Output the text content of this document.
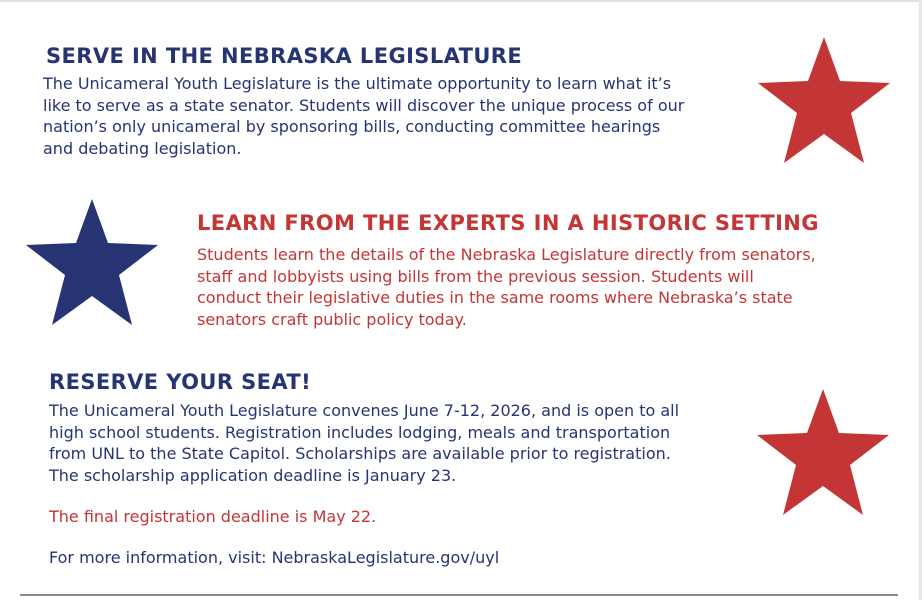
SERVE IN THE NEBRASKA LEGISLATURE

The Unicameral Youth Legislature is the ultimate opportunity to learn what it’s
like to serve as a state senator. Students will discover the unique process of our
nation’s only unicameral by sponsoring bills, conducting committee hearings
and debating legislation.

LEARN FROM THE EXPERTS IN A HISTORIC SETTING

Students learn the details of the Nebraska Legislature directly from senators,
staff and lobbyists using bills from the previous session. Students will
conduct their legislative duties in the same rooms where Nebraska’s state
senators craft public policy today.

RESERVE YOUR SEAT!

The Unicameral Youth Legislature convenes June 7-12, 2026, and is open to all
high school students. Registration includes lodging, meals and transportation
from UNL to the State Capitol. Scholarships are available prior to registration.
The scholarship application deadline is January 23.

The final registration deadline is May 22.

For more information, visit: NebraskaLegislature.gov/uyl
